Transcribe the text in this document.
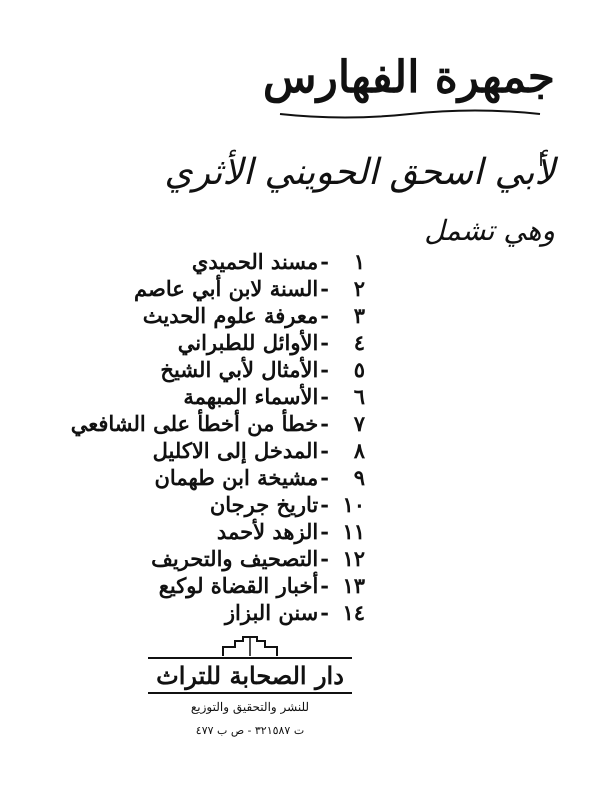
جمهرة الفهارس
لأبي اسحق الحويني الأثري
وهي تشمل
١
-
مسند الحميدي
٢
-
السنة لابن أبي عاصم
٣
-
معرفة علوم الحديث
٤
-
الأوائل للطبراني
٥
-
الأمثال لأبي الشيخ
٦
-
الأسماء المبهمة
٧
-
خطأ من أخطأ على الشافعي
٨
-
المدخل إلى الاكليل
٩
-
مشيخة ابن طهمان
١٠
-
تاريخ جرجان
١١
-
الزهد لأحمد
١٢
-
التصحيف والتحريف
١٣
-
أخبار القضاة لوكيع
١٤
-
سنن البزاز
دار الصحابة للتراث
للنشر والتحقيق والتوزيع
ت ٣٢١٥٨٧ - ص ب ٤٧٧
